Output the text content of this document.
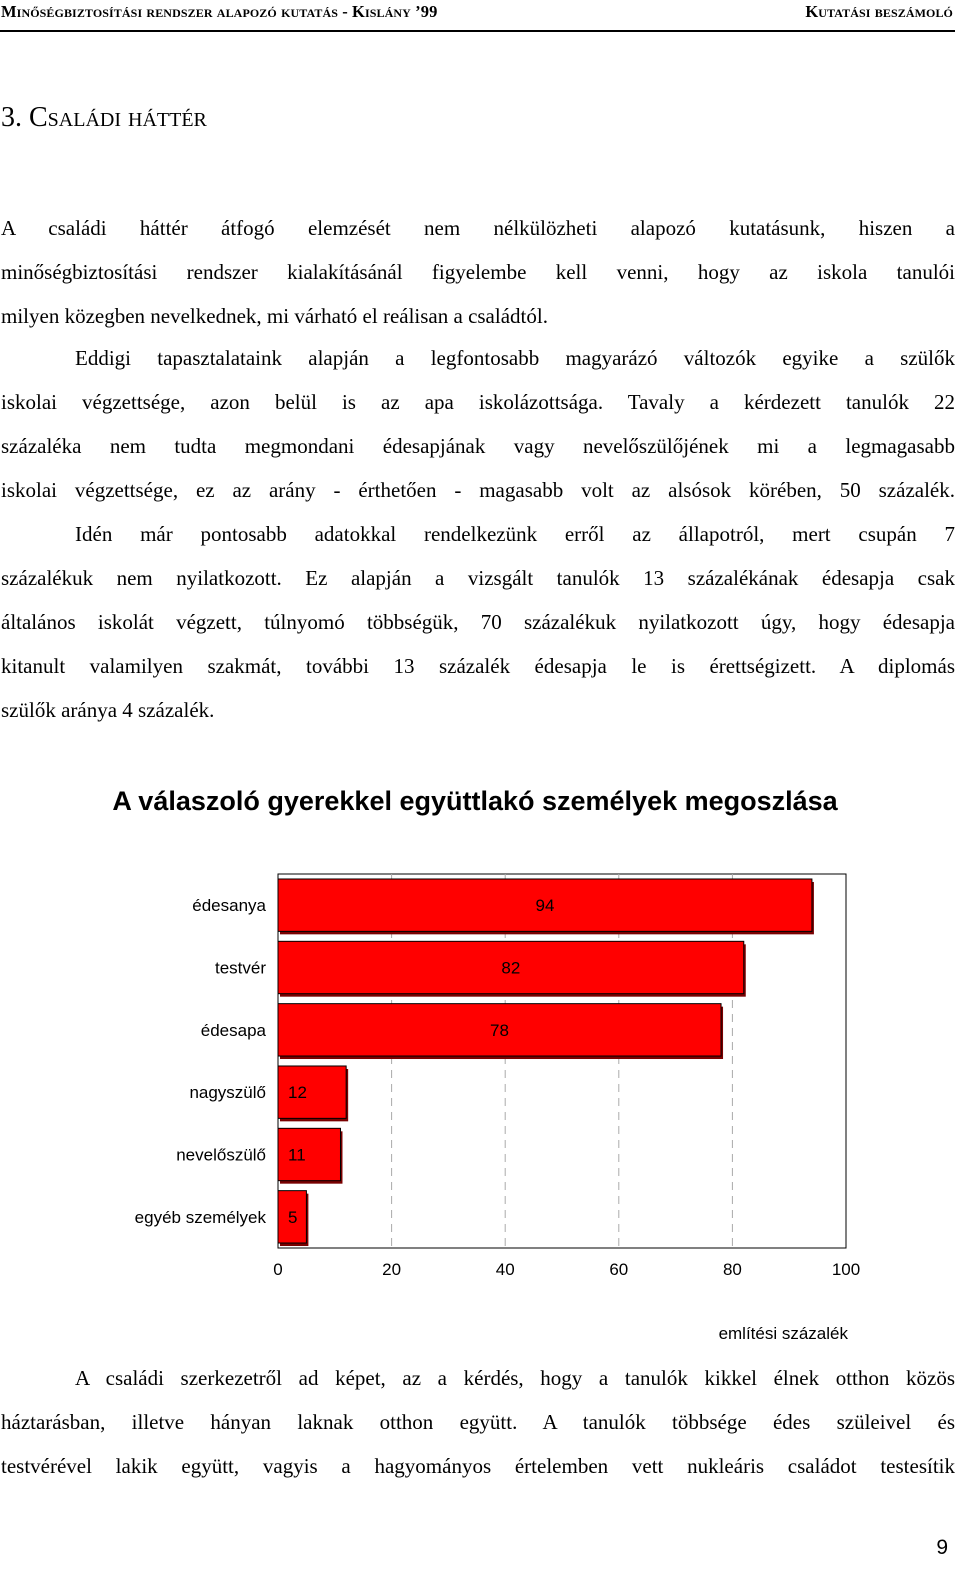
Minőségbiztosítási rendszer alapozó kutatás - Kislány ’99	Kutatási beszámoló
3. Családi háttér
A családi háttér átfogó elemzését nem nélkülözheti alapozó kutatásunk, hiszen a
minőségbiztosítási rendszer kialakításánál figyelembe kell venni, hogy az iskola tanulói
milyen közegben nevelkednek, mi várható el reálisan a családtól.
Eddigi tapasztalataink alapján a legfontosabb magyarázó változók egyike a szülők
iskolai végzettsége, azon belül is az apa iskolázottsága. Tavaly a kérdezett tanulók 22
százaléka nem tudta megmondani édesapjának vagy nevelőszülőjének mi a legmagasabb
iskolai végzettsége, ez az arány - érthetően - magasabb volt az alsósok körében, 50 százalék.
Idén már pontosabb adatokkal rendelkezünk erről az állapotról, mert csupán 7
százalékuk nem nyilatkozott. Ez alapján a vizsgált tanulók 13 százalékának édesapja csak
általános iskolát végzett, túlnyomó többségük, 70 százalékuk nyilatkozott úgy, hogy édesapja
kitanult valamilyen szakmát, további 13 százalék édesapja le is érettségizett. A diplomás
szülők aránya 4 százalék.
A válaszoló gyerekkel együttlakó személyek megoszlása
édesanya	94
testvér	82
édesapa	78
nagyszülő 12
nevelőszülő 11
egyéb személyek 5
0	20	40	60	80	100
említési százalék
A családi szerkezetről ad képet, az a kérdés, hogy a tanulók kikkel élnek otthon közös
háztarásban, illetve hányan laknak otthon együtt. A tanulók többsége édes szüleivel és
testvérével lakik együtt, vagyis a hagyományos értelemben vett nukleáris családot testesítik
9
